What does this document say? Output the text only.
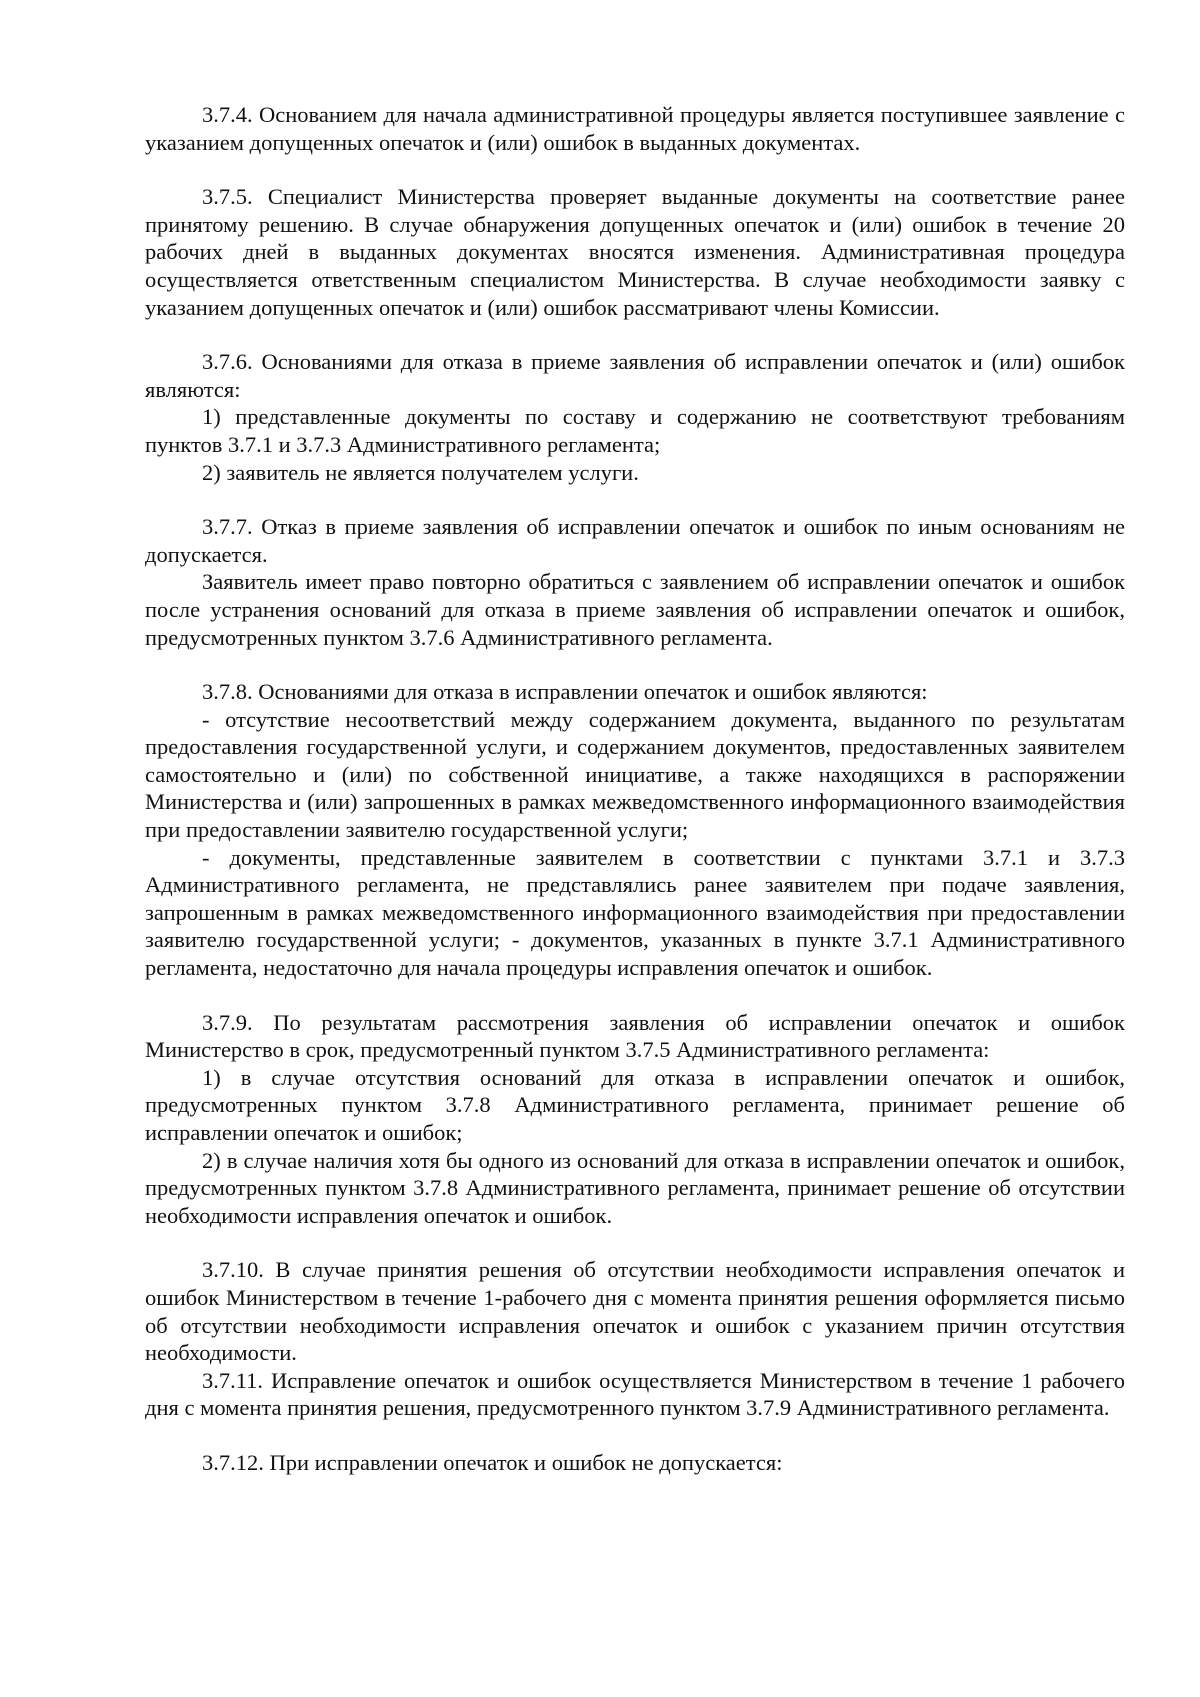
3.7.4. Основанием для начала административной процедуры является поступившее заявление с указанием допущенных опечаток и (или) ошибок в выданных документах.

3.7.5. Специалист Министерства проверяет выданные документы на соответствие ранее принятому решению. В случае обнаружения допущенных опечаток и (или) ошибок в течение 20 рабочих дней в выданных документах вносятся изменения. Административная процедура осуществляется ответственным специалистом Министерства. В случае необходимости заявку с указанием допущенных опечаток и (или) ошибок рассматривают члены Комиссии.

3.7.6. Основаниями для отказа в приеме заявления об исправлении опечаток и (или) ошибок являются:

1) представленные документы по составу и содержанию не соответствуют требованиям пунктов 3.7.1 и 3.7.3 Административного регламента;

2) заявитель не является получателем услуги.

3.7.7. Отказ в приеме заявления об исправлении опечаток и ошибок по иным основаниям не допускается.

Заявитель имеет право повторно обратиться с заявлением об исправлении опечаток и ошибок после устранения оснований для отказа в приеме заявления об исправлении опечаток и ошибок, предусмотренных пунктом 3.7.6 Административного регламента.

3.7.8. Основаниями для отказа в исправлении опечаток и ошибок являются:

- отсутствие несоответствий между содержанием документа, выданного по результатам предоставления государственной услуги, и содержанием документов, предоставленных заявителем самостоятельно и (или) по собственной инициативе, а также находящихся в распоряжении Министерства и (или) запрошенных в рамках межведомственного информационного взаимодействия при предоставлении заявителю государственной услуги;

- документы, представленные заявителем в соответствии с пунктами 3.7.1 и 3.7.3 Административного регламента, не представлялись ранее заявителем при подаче заявления, запрошенным в рамках межведомственного информационного взаимодействия при предоставлении заявителю государственной услуги; - документов, указанных в пункте 3.7.1 Административного регламента, недостаточно для начала процедуры исправления опечаток и ошибок.

3.7.9. По результатам рассмотрения заявления об исправлении опечаток и ошибок Министерство в срок, предусмотренный пунктом 3.7.5 Административного регламента:

1) в случае отсутствия оснований для отказа в исправлении опечаток и ошибок, предусмотренных пунктом 3.7.8 Административного регламента, принимает решение об исправлении опечаток и ошибок;

2) в случае наличия хотя бы одного из оснований для отказа в исправлении опечаток и ошибок, предусмотренных пунктом 3.7.8 Административного регламента, принимает решение об отсутствии необходимости исправления опечаток и ошибок.

3.7.10. В случае принятия решения об отсутствии необходимости исправления опечаток и ошибок Министерством в течение 1-рабочего дня с момента принятия решения оформляется письмо об отсутствии необходимости исправления опечаток и ошибок с указанием причин отсутствия необходимости.

3.7.11. Исправление опечаток и ошибок осуществляется Министерством в течение 1 рабочего дня с момента принятия решения, предусмотренного пунктом 3.7.9 Административного регламента.

3.7.12. При исправлении опечаток и ошибок не допускается:
